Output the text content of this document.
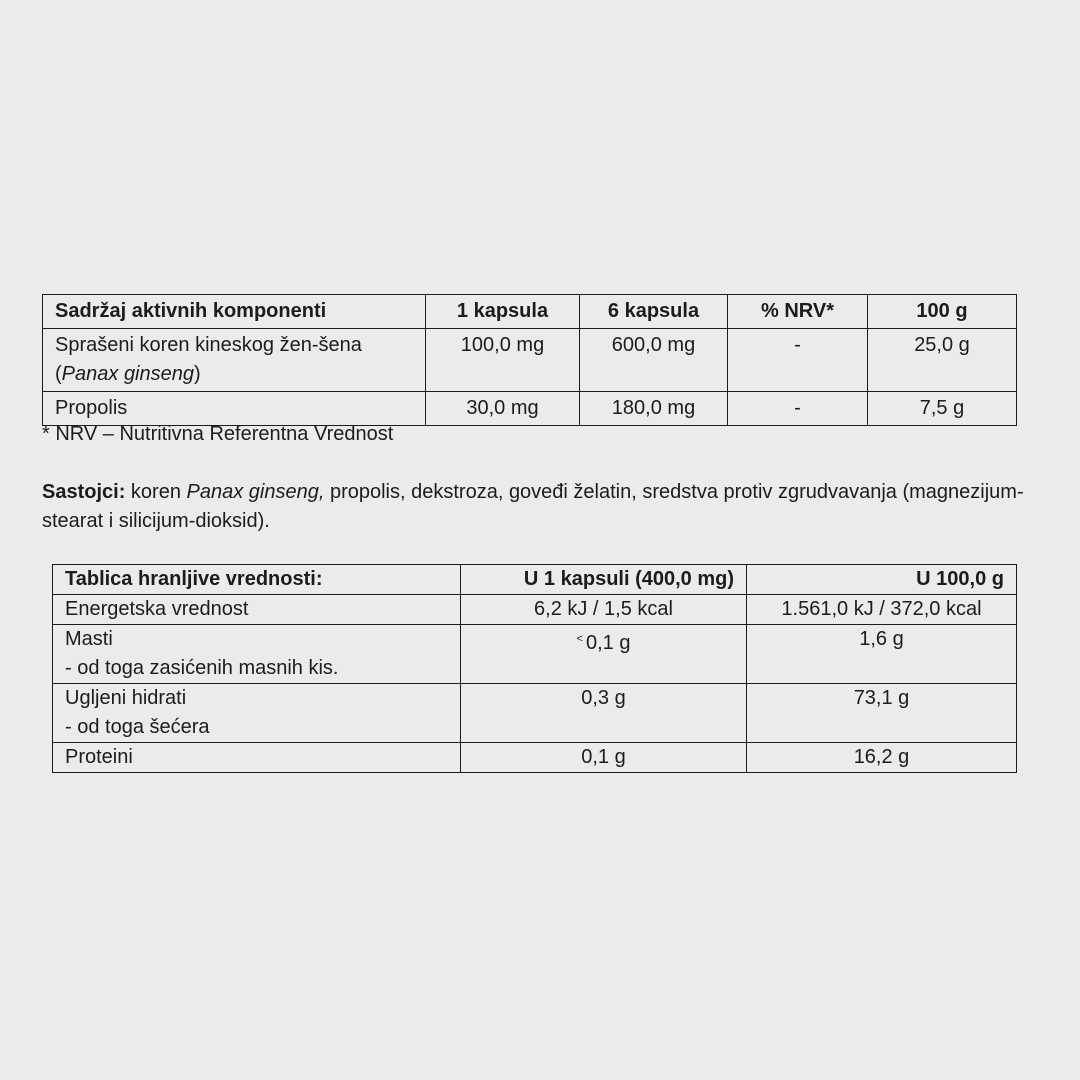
Sadržaj aktivnih komponenti	1 kapsula	6 kapsula	% NRV*	100 g
Sprašeni koren kineskog žen-šena
(Panax ginseng)	100,0 mg	600,0 mg	-	25,0 g
Propolis	30,0 mg	180,0 mg	-	7,5 g
* NRV – Nutritivna Referentna Vrednost
Sastojci: koren Panax ginseng, propolis, dekstroza, goveđi želatin, sredstva protiv zgrudvavanja (magnezijum-stearat i silicijum-dioksid).
Tablica hranljive vrednosti:	U 1 kapsuli (400,0 mg)	U 100,0 g
Energetska vrednost	6,2 kJ / 1,5 kcal	1.561,0 kJ / 372,0 kcal
Masti
- od toga zasićenih masnih kis.	< 0,1 g	1,6 g
Ugljeni hidrati
- od toga šećera	0,3 g	73,1 g
Proteini	0,1 g	16,2 g
